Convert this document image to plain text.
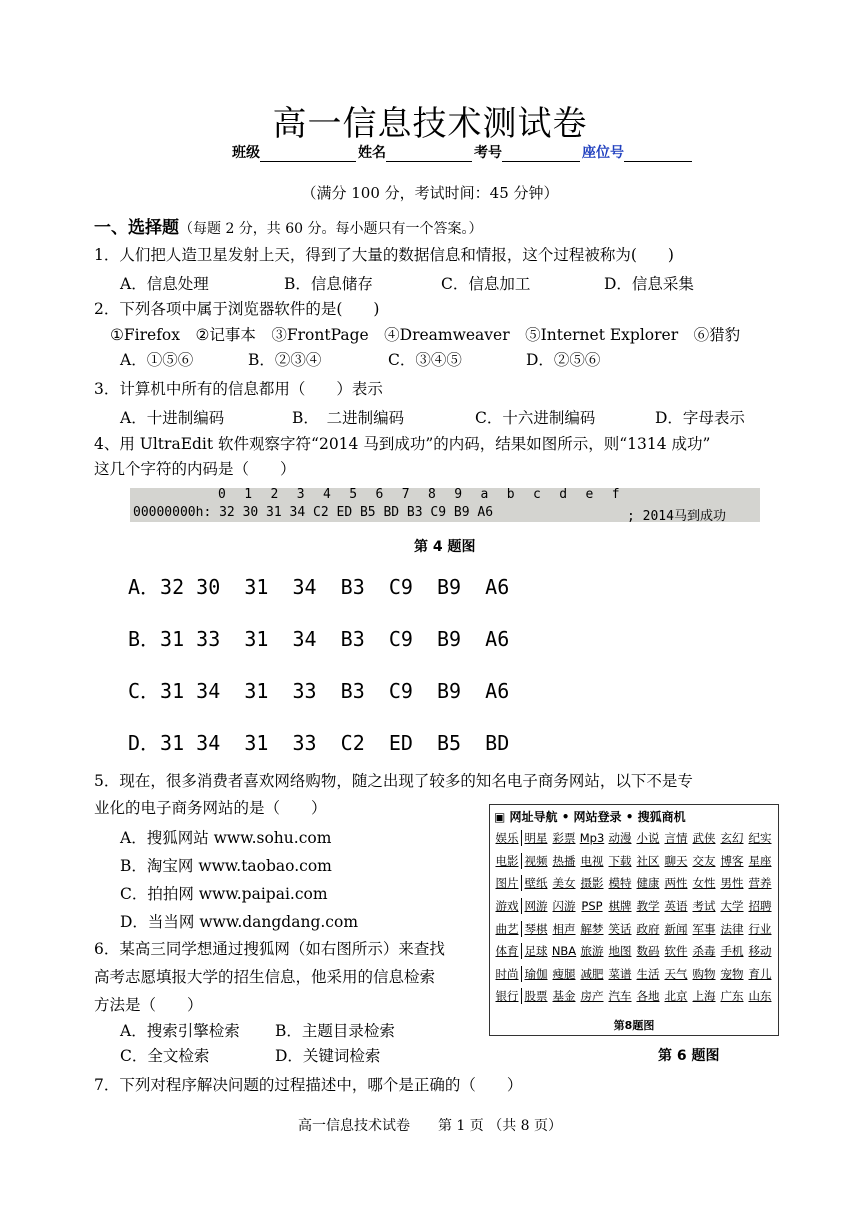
高一信息技术测试卷
班级	姓名	考号	座位号
（满分 100 分，考试时间：45 分钟）
一、选择题（每题 2 分，共 60 分。每小题只有一个答案。）
1．人们把人造卫星发射上天，得到了大量的数据信息和情报，这个过程被称为(　　)
A．信息处理	B．信息储存	C．信息加工	D．信息采集
2．下列各项中属于浏览器软件的是(　　)
①Firefox　②记事本　③FrontPage　④Dreamweaver　⑤Internet Explorer　⑥猎豹
A．①⑤⑥	B．②③④	C．③④⑤	D．②⑤⑥
3．计算机中所有的信息都用（　　）表示
A．十进制编码	B．　二进制编码	C．十六进制编码	D．字母表示
4、用 UltraEdit 软件观察字符“2014 马到成功”的内码，结果如图所示，则“1314 成功”
这几个字符的内码是（　　）
0 1 2 3 4 5 6 7 8 9 a b c d e f
00000000h: 32 30 31 34 C2 ED B5 BD B3 C9 B9 A6	; 2014马到成功
第 4 题图
A．32 30  31  34  B3  C9  B9  A6
B．31 33  31  34  B3  C9  B9  A6
C．31 34  31  33  B3  C9  B9  A6
D．31 34  31  33  C2  ED  B5  BD
5．现在，很多消费者喜欢网络购物，随之出现了较多的知名电子商务网站，以下不是专
业化的电子商务网站的是（　　）
A．搜狐网站 www.sohu.com
B．淘宝网 www.taobao.com
C．拍拍网 www.paipai.com
D．当当网 www.dangdang.com
6．某高三同学想通过搜狐网（如右图所示）来查找
高考志愿填报大学的招生信息，他采用的信息检索
方法是（　　）
A．搜索引擎检索 B．主题目录检索
C．全文检索	D．关键词检索
▣ 网址导航 • 网站登录 • 搜狐商机
娱乐 明星 彩票 Mp3 动漫 小说 言情 武侠 玄幻 纪实
电影 视频 热播 电视 下载 社区 聊天 交友 博客 星座
图片 壁纸 美女 摄影 模特 健康 两性 女性 男性 营养
游戏 网游 闪游 PSP 棋牌 教学 英语 考试 大学 招聘
曲艺 琴棋 相声 解梦 笑话 政府 新闻 军事 法律 行业
体育 足球 NBA 旅游 地图 数码 软件 杀毒 手机 移动
时尚 瑜伽 瘦腿 减肥 菜谱 生活 天气 购物 宠物 育儿
银行 股票 基金 房产 汽车 各地 北京 上海 广东 山东
第8题图
第 6 题图
7．下列对程序解决问题的过程描述中，哪个是正确的（　　）
高一信息技术试卷　　第 1 页 （共 8 页）
